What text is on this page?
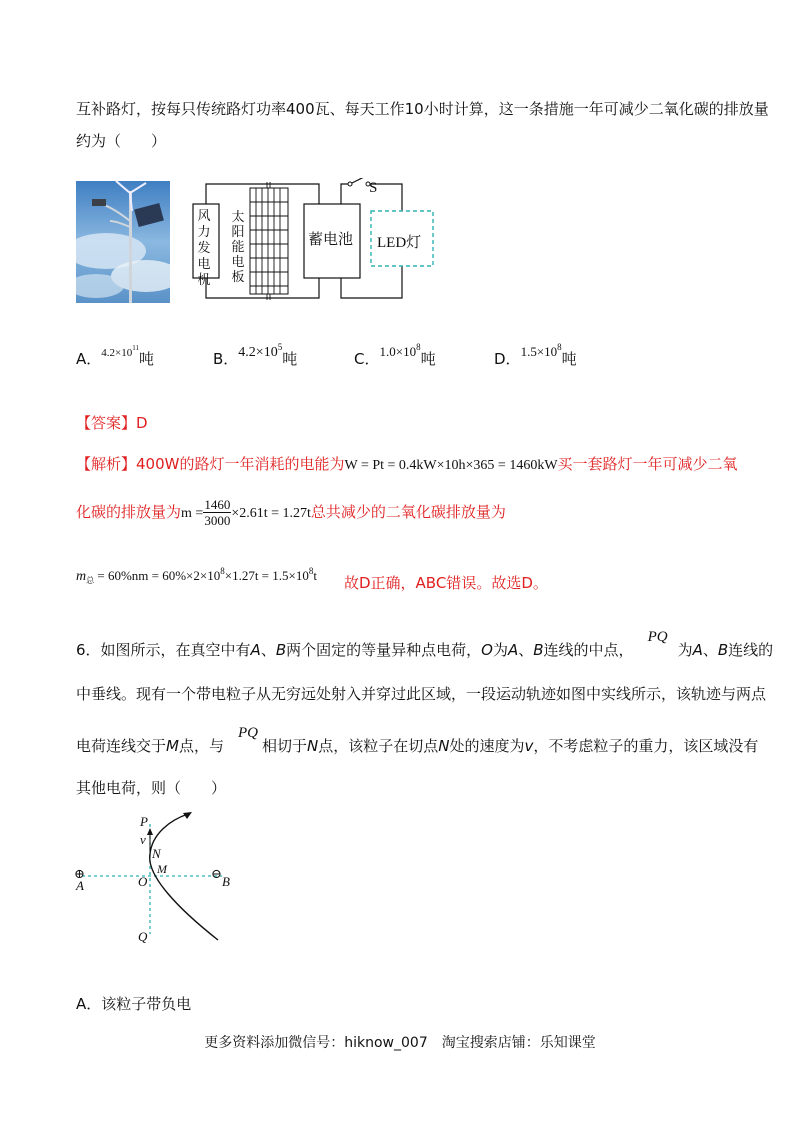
互补路灯，按每只传统路灯功率400瓦、每天工作10小时计算，这一条措施一年可减少二氧化碳的排放量
约为（　　）
风力发电机
太阳能电板
蓄电池 LED灯
S
A．$^{4.2\times 10^{11}}$吨	B．$4.2\times 10^5$吨	C．$1.0\times 10^8$吨	D．$1.5\times 10^8$吨
【答案】D
【解析】400W的路灯一年消耗的电能为W = Pt = 0.4kW×10h×365 = 1460kW买一套路灯一年可减少二氧
化碳的排放量为$m = \frac{1460}{3000} \times 2.61t = 1.27t$总共减少的二氧化碳排放量为
$m_总 = 60\%nm = 60\%\times 2\times 10^8\times 1.27t = 1.5\times 10^8t$ 故D正确，ABC错误。故选D。
6．如图所示，在真空中有A、B两个固定的等量异种点电荷，O为A、B连线的中点，PQ为A、B连线的
中垂线。现有一个带电粒子从无穷远处射入并穿过此区域，一段运动轨迹如图中实线所示，该轨迹与两点
电荷连线交于M点，与PQ相切于N点，该粒子在切点N处的速度为v，不考虑粒子的重力，该区域没有
其他电荷，则（　　）
P
v
N
M
O
⊕
A
⊖
B
Q
A．该粒子带负电
更多资料添加微信号：hiknow_007　淘宝搜索店铺：乐知课堂
